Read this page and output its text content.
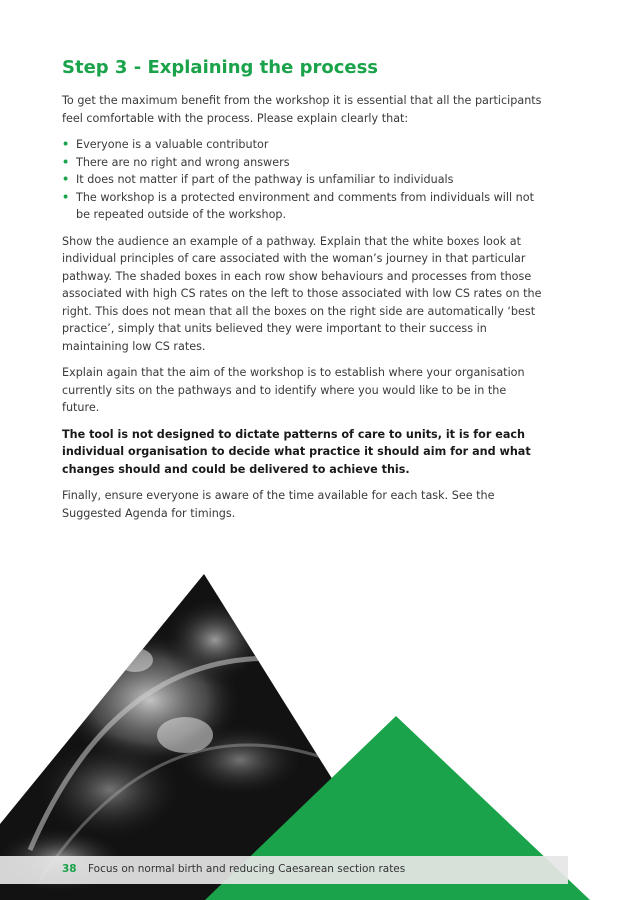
Step 3 - Explaining the process

To get the maximum benefit from the workshop it is essential that all the participants feel comfortable with the process. Please explain clearly that:

• Everyone is a valuable contributor
• There are no right and wrong answers
• It does not matter if part of the pathway is unfamiliar to individuals
• The workshop is a protected environment and comments from individuals will not be repeated outside of the workshop.

Show the audience an example of a pathway. Explain that the white boxes look at individual principles of care associated with the woman’s journey in that particular pathway. The shaded boxes in each row show behaviours and processes from those associated with high CS rates on the left to those associated with low CS rates on the right. This does not mean that all the boxes on the right side are automatically ‘best practice’, simply that units believed they were important to their success in maintaining low CS rates.

Explain again that the aim of the workshop is to establish where your organisation currently sits on the pathways and to identify where you would like to be in the future.

The tool is not designed to dictate patterns of care to units, it is for each individual organisation to decide what practice it should aim for and what changes should and could be delivered to achieve this.

Finally, ensure everyone is aware of the time available for each task. See the Suggested Agenda for timings.

38 Focus on normal birth and reducing Caesarean section rates
